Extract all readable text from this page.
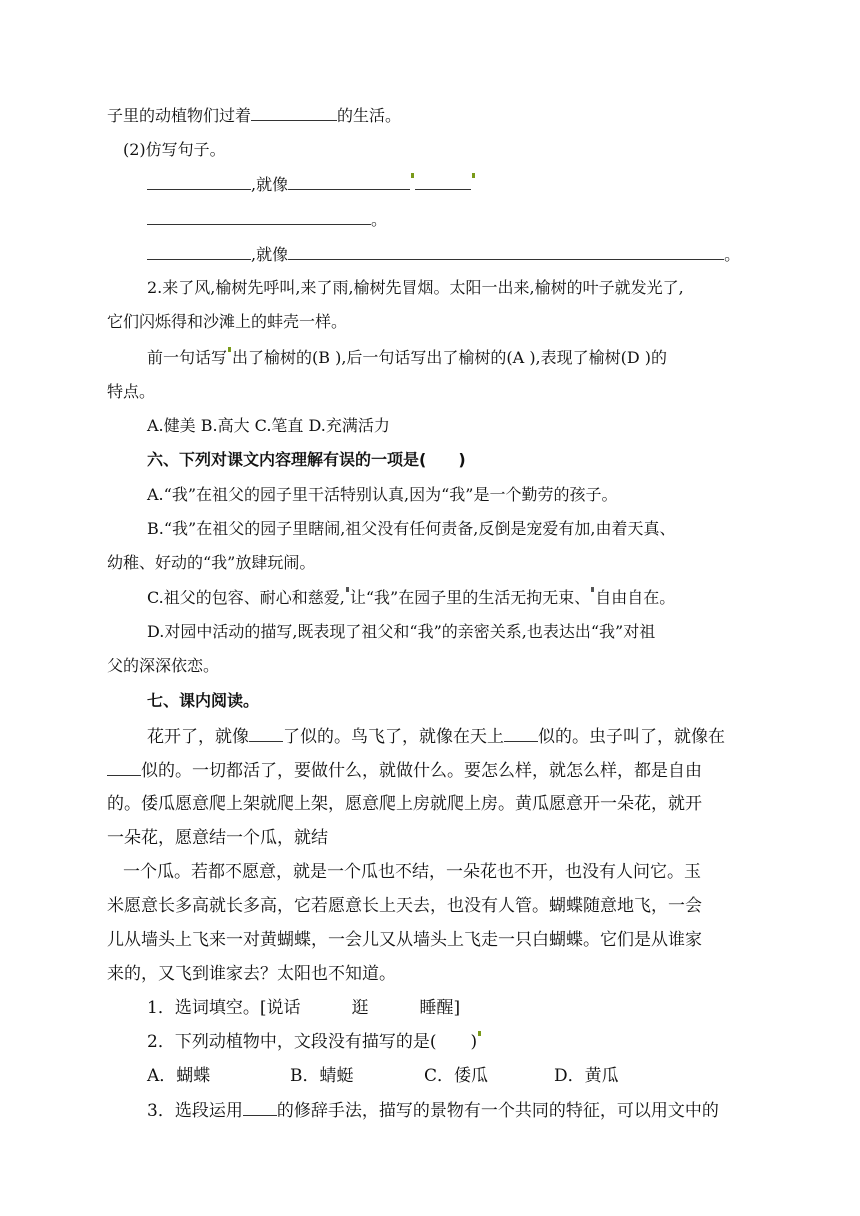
子里的动植物们过着	的生活。
(2)仿写句子。
,就像
。
,就像	。
2.来了风,榆树先呼叫,来了雨,榆树先冒烟。太阳一出来,榆树的叶子就发光了,
它们闪烁得和沙滩上的蚌壳一样。
前一句话写 出了榆树的(B ),后一句话写出了榆树的(A ),表现了榆树(D )的
特点。
A.健美 B.高大 C.笔直 D.充满活力
六、下列对课文内容理解有误的一项是(　　)
A.“我”在祖父的园子里干活特别认真,因为“我”是一个勤劳的孩子。
B.“我”在祖父的园子里瞎闹,祖父没有任何责备,反倒是宠爱有加,由着天真、
幼稚、好动的“我”放肆玩闹。
C.祖父的包容、耐心和慈爱, 让“我”在园子里的生活无拘无束、 自由自在。
D.对园中活动的描写,既表现了祖父和“我”的亲密关系,也表达出“我”对祖
父的深深依恋。
七、课内阅读。
花开了，就像 了似的。鸟飞了，就像在天上 似的。虫子叫了，就像在
似的。一切都活了，要做什么，就做什么。要怎么样，就怎么样，都是自由
的。倭瓜愿意爬上架就爬上架，愿意爬上房就爬上房。黄瓜愿意开一朵花，就开
一朵花，愿意结一个瓜，就结
一个瓜。若都不愿意，就是一个瓜也不结，一朵花也不开，也没有人问它。玉
米愿意长多高就长多高，它若愿意长上天去，也没有人管。蝴蝶随意地飞，一会
儿从墙头上飞来一对黄蝴蝶，一会儿又从墙头上飞走一只白蝴蝶。它们是从谁家
来的，又飞到谁家去？太阳也不知道。
1．选词填空。[说话　　　逛　　　睡醒]
2．下列动植物中，文段没有描写的是(　　)
A．蝴蝶	B．蜻蜓	C．倭瓜	D．黄瓜
3．选段运用 的修辞手法，描写的景物有一个共同的特征，可以用文中的
